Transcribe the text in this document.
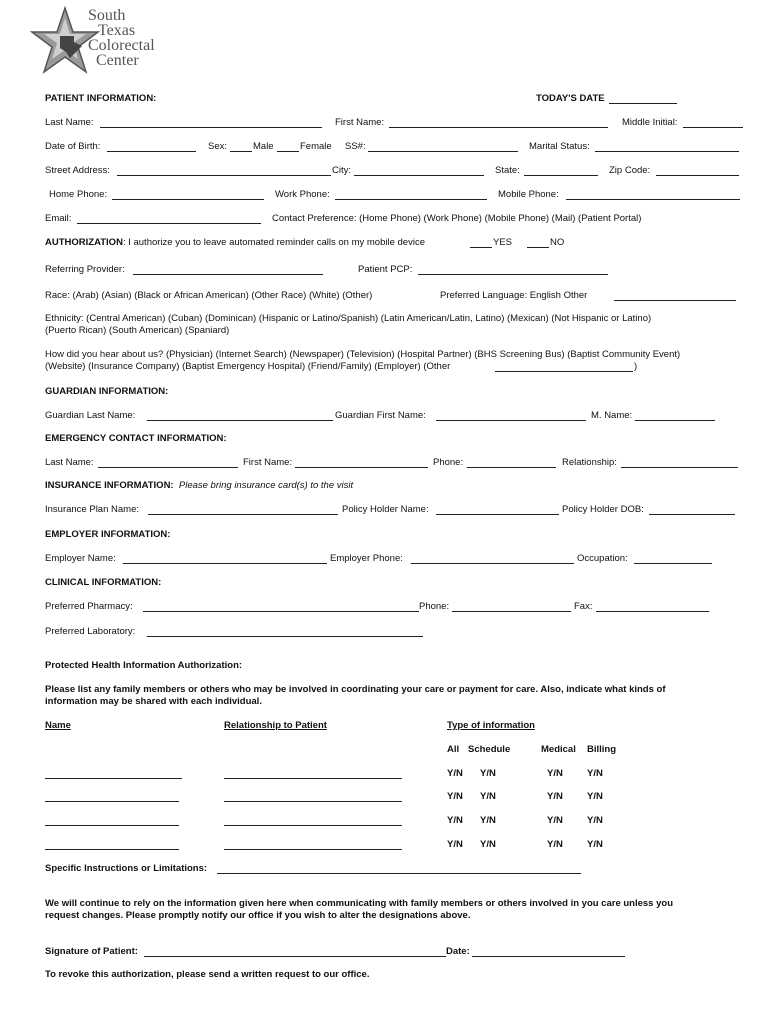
South
Texas
Colorectal
Center
PATIENT INFORMATION:	TODAY'S DATE
Last Name:	First Name:	Middle Initial:
Date of Birth:	Sex:	Male	Female SS#:	Marital Status:
Street Address:	City:	State:	Zip Code:
Home Phone:	Work Phone:	Mobile Phone:
Email:	Contact Preference: (Home Phone) (Work Phone) (Mobile Phone) (Mail) (Patient Portal)
AUTHORIZATION: I authorize you to leave automated reminder calls on my mobile device	YES	NO
Referring Provider:	Patient PCP:
Race: (Arab) (Asian) (Black or African American) (Other Race) (White) (Other)	Preferred Language: English Other
Ethnicity: (Central American) (Cuban) (Dominican) (Hispanic or Latino/Spanish) (Latin American/Latin, Latino) (Mexican) (Not Hispanic or Latino)
(Puerto Rican) (South American) (Spaniard)
How did you hear about us? (Physician) (Internet Search) (Newspaper) (Television) (Hospital Partner) (BHS Screening Bus) (Baptist Community Event)
(Website) (Insurance Company) (Baptist Emergency Hospital) (Friend/Family) (Employer) (Other	)
GUARDIAN INFORMATION:
Guardian Last Name:	Guardian First Name:	M. Name:
EMERGENCY CONTACT INFORMATION:
Last Name:	First Name:	Phone:	Relationship:
INSURANCE INFORMATION: Please bring insurance card(s) to the visit
Insurance Plan Name:	Policy Holder Name:	Policy Holder DOB:
EMPLOYER INFORMATION:
Employer Name:	Employer Phone:	Occupation:
CLINICAL INFORMATION:
Preferred Pharmacy:	Phone:	Fax:
Preferred Laboratory:
Protected Health Information Authorization:
Please list any family members or others who may be involved in coordinating your care or payment for care. Also, indicate what kinds of
information may be shared with each individual.
Name	Relationship to Patient	Type of information
All Schedule	Medical Billing
Y/N Y/N	Y/N	Y/N
Y/N Y/N	Y/N	Y/N
Y/N Y/N	Y/N	Y/N
Y/N Y/N	Y/N	Y/N
Specific Instructions or Limitations:
We will continue to rely on the information given here when communicating with family members or others involved in you care unless you
request changes. Please promptly notify our office if you wish to alter the designations above.
Signature of Patient:	Date:
To revoke this authorization, please send a written request to our office.
